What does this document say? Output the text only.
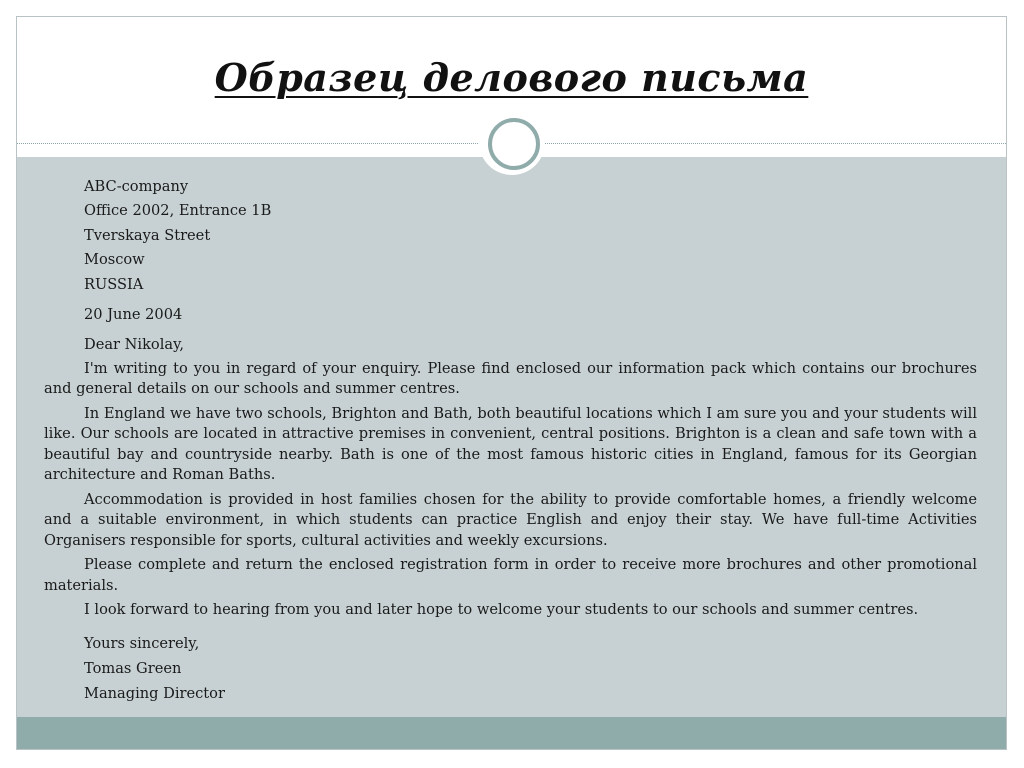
Образец делового письма
ABC-company
Office 2002, Entrance 1B
Tverskaya Street
Moscow
RUSSIA
20 June 2004
Dear Nikolay,
I'm writing to you in regard of your enquiry. Please find enclosed our information pack which contains our brochures and general details on our schools and summer centres.
In England we have two schools, Brighton and Bath, both beautiful locations which I am sure you and your students will like. Our schools are located in attractive premises in convenient, central positions. Brighton is a clean and safe town with a beautiful bay and countryside nearby. Bath is one of the most famous historic cities in England, famous for its Georgian architecture and Roman Baths.
Accommodation is provided in host families chosen for the ability to provide comfortable homes, a friendly welcome and a suitable environment, in which students can practice English and enjoy their stay. We have full-time Activities Organisers responsible for sports, cultural activities and weekly excursions.
Please complete and return the enclosed registration form in order to receive more brochures and other promotional materials.
I look forward to hearing from you and later hope to welcome your students to our schools and summer centres.
Yours sincerely,
Tomas Green
Managing Director
